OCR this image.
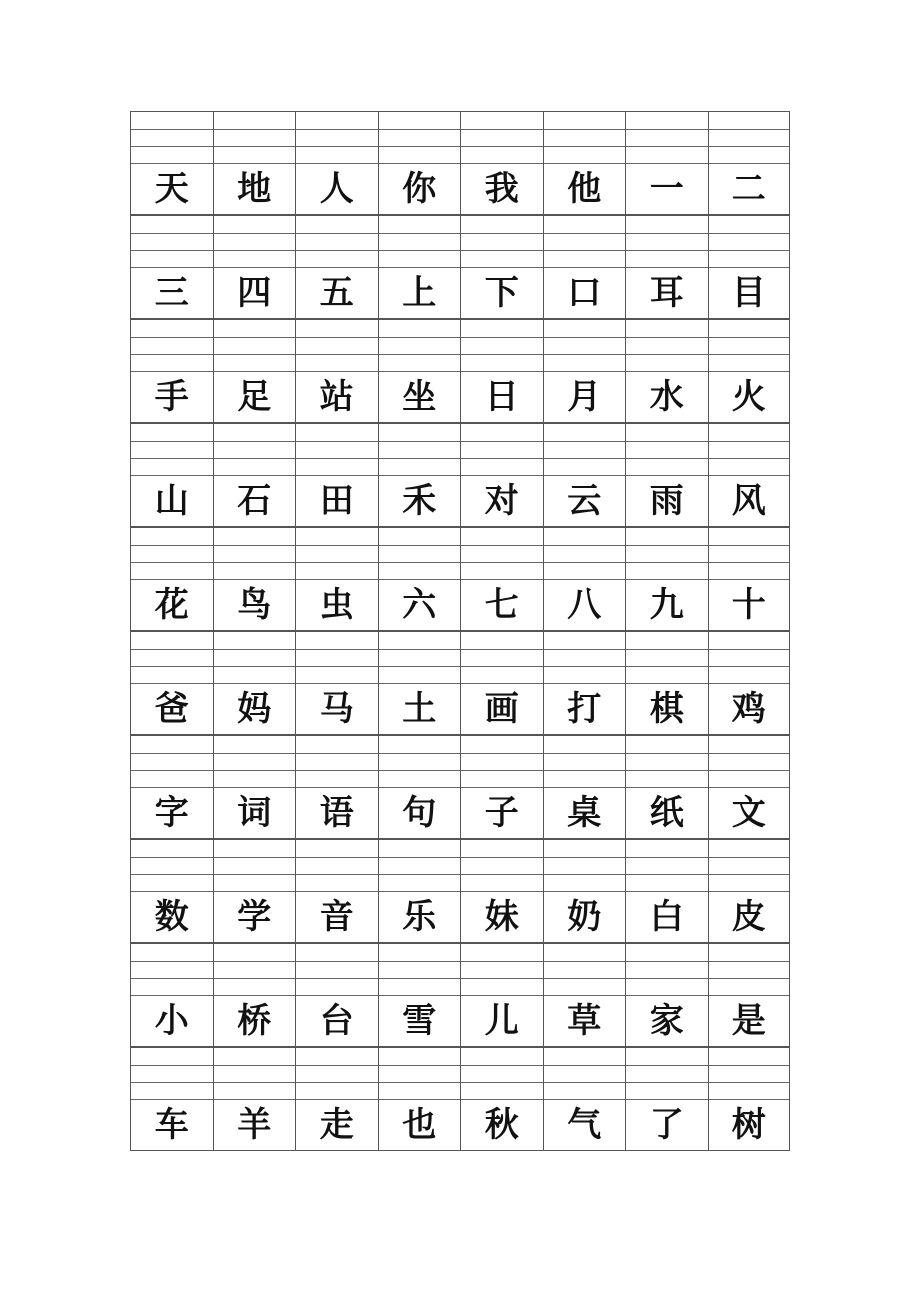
天	地	人	你	我	他	一	二
三	四	五	上	下	口	耳	目
手	足	站	坐	日	月	水	火
山	石	田	禾	对	云	雨	风
花	鸟	虫	六	七	八	九	十
爸	妈	马	土	画	打	棋	鸡
字	词	语	句	子	桌	纸	文
数	学	音	乐	妹	奶	白	皮
小	桥	台	雪	儿	草	家	是
车	羊	走	也	秋	气	了	树
